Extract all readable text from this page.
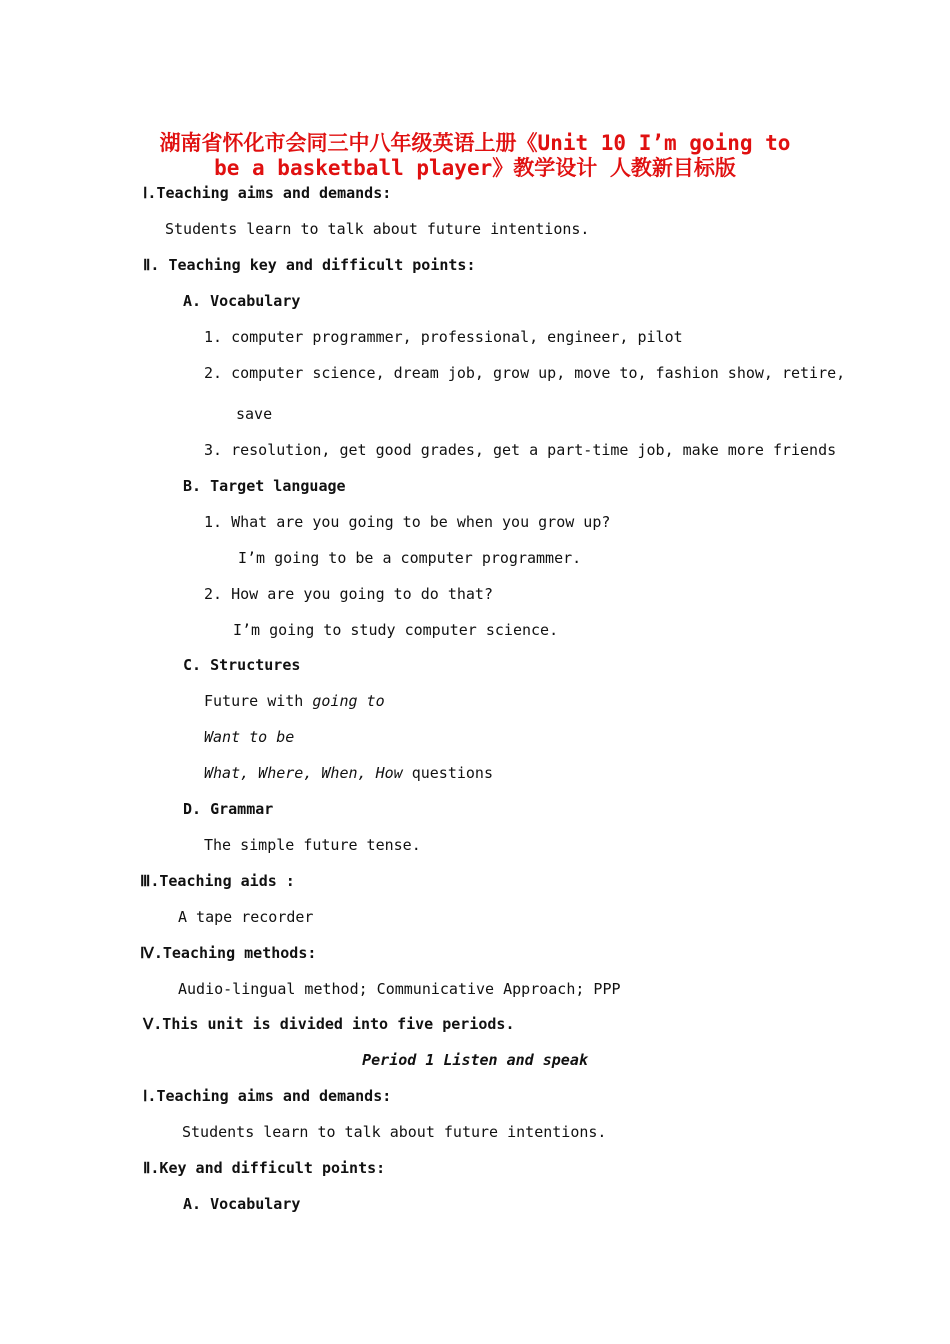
湖南省怀化市会同三中八年级英语上册《Unit 10 I’m going to
be a basketball player》教学设计 人教新目标版
Ⅰ.Teaching aims and demands:
Students learn to talk about future intentions.
Ⅱ. Teaching key and difficult points:
A. Vocabulary
1. computer programmer, professional, engineer, pilot
2. computer science, dream job, grow up, move to, fashion show, retire,
save
3. resolution, get good grades, get a part-time job, make more friends
B. Target language
1. What are you going to be when you grow up?
I’m going to be a computer programmer.
2. How are you going to do that?
I’m going to study computer science.
C. Structures
Future with going to
Want to be
What, Where, When, How questions
D. Grammar
The simple future tense.
Ⅲ.Teaching aids :
A tape recorder
Ⅳ.Teaching methods:
Audio-lingual method; Communicative Approach; PPP
Ⅴ.This unit is divided into five periods.
Period 1 Listen and speak
Ⅰ.Teaching aims and demands:
Students learn to talk about future intentions.
Ⅱ.Key and difficult points:
A. Vocabulary
